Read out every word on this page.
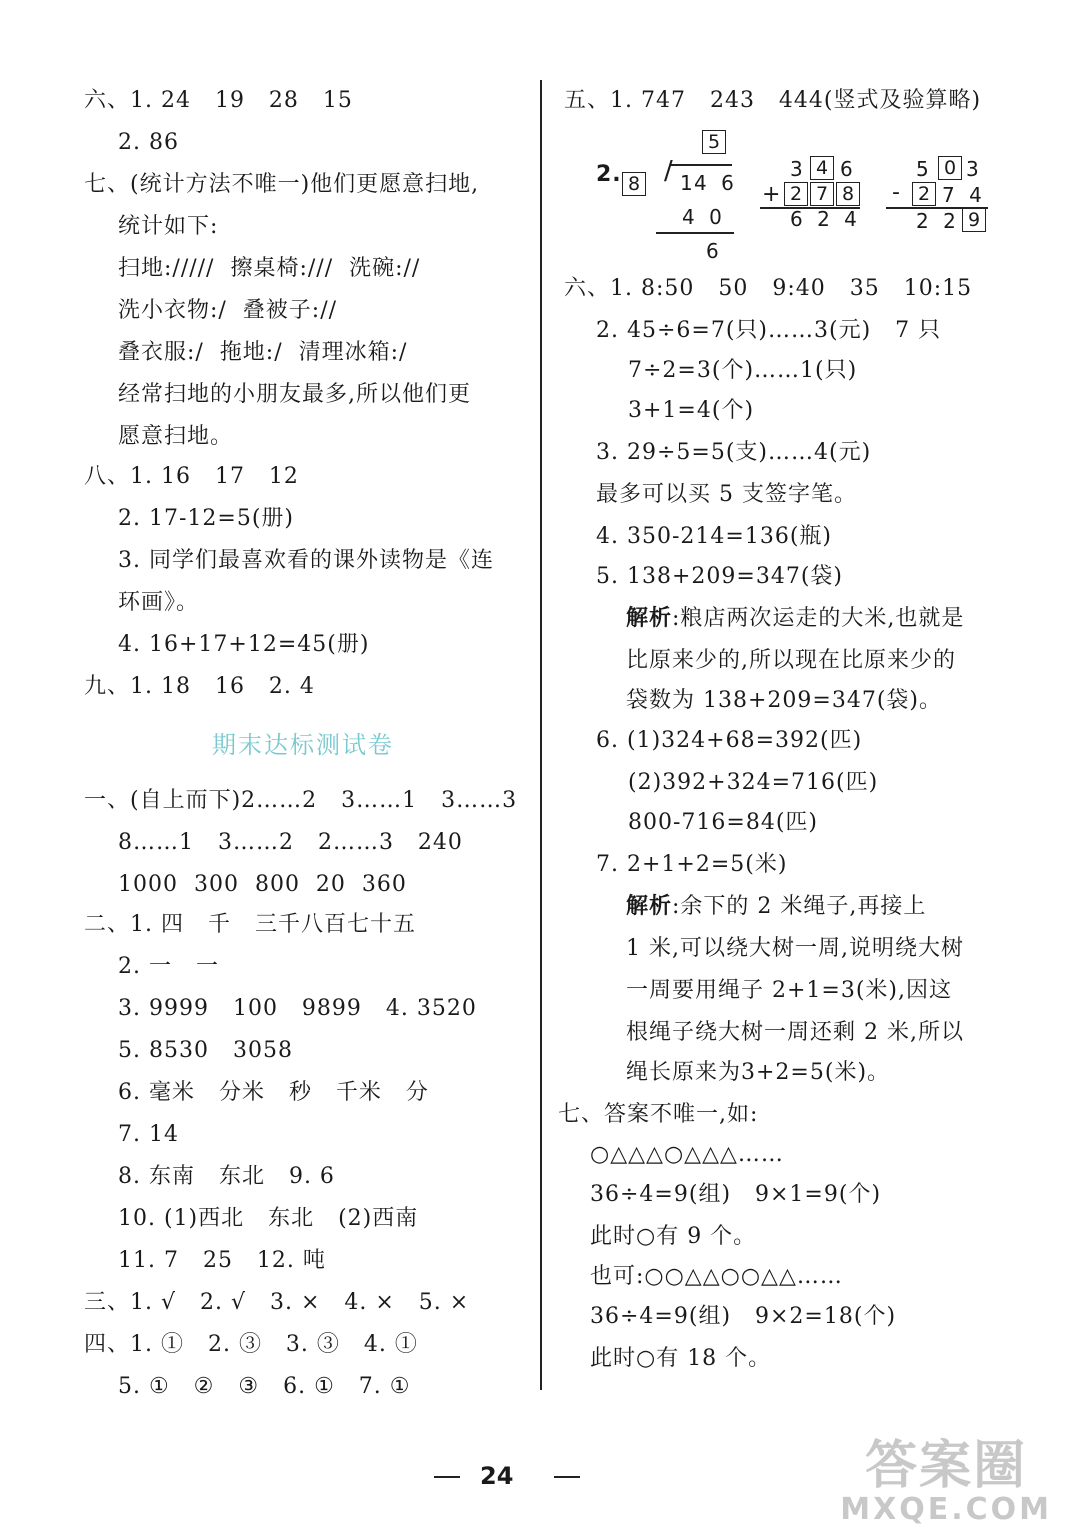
六、1. 24   19   28   15
2. 86
七、(统计方法不唯一)他们更愿意扫地,
统计如下:
扫地://///  擦桌椅:///  洗碗://
洗小衣物:/  叠被子://
叠衣服:/  拖地:/  清理冰箱:/
经常扫地的小朋友最多,所以他们更
愿意扫地。
八、1. 16   17   12
2. 17-12=5(册)
3. 同学们最喜欢看的课外读物是《连
环画》。
4. 16+17+12=45(册)
九、1. 18   16   2. 4
期末达标测试卷
一、(自上而下)2……2   3……1   3……3
8……1   3……2   2……3   240
1000  300  800  20  360
二、1. 四   千   三千八百七十五
2. 一   一
3. 9999   100   9899   4. 3520
5. 8530   3058
6. 毫米   分米   秒   千米   分
7. 14
8. 东南   东北   9. 6
10. (1)西北   东北   (2)西南
11. 7   25   12. 吨
三、1. √   2. √   3. ×   4. ×   5. ×
四、1. ①   2. ③   3. ③   4. ①
5. ①   ②   ③   6. ①   7. ①
五、1. 747   243   444(竖式及验算略)
2.
5
8 / 1
4 6
4 0
6
3 4 6
+ 2 7 8
6 2 4
5 0 3
- 2 7 4
2 2 9
六、1. 8:50   50   9:40   35   10:15
2. 45÷6=7(只)……3(元)   7 只
7÷2=3(个)……1(只)
3+1=4(个)
3. 29÷5=5(支)……4(元)
最多可以买 5 支签字笔。
4. 350-214=136(瓶)
5. 138+209=347(袋)
解析:粮店两次运走的大米,也就是
比原来少的,所以现在比原来少的
袋数为 138+209=347(袋)。
6. (1)324+68=392(匹)
(2)392+324=716(匹)
800-716=84(匹)
7. 2+1+2=5(米)
解析:余下的 2 米绳子,再接上
1 米,可以绕大树一周,说明绕大树
一周要用绳子 2+1=3(米),因这
根绳子绕大树一周还剩 2 米,所以
绳长原来为3+2=5(米)。
七、答案不唯一,如:
○△△△○△△△……
36÷4=9(组)   9×1=9(个)
此时○有 9 个。
也可:○○△△○○△△……
36÷4=9(组)   9×2=18(个)
此时○有 18 个。
24	答案圈
MXQE.COM
